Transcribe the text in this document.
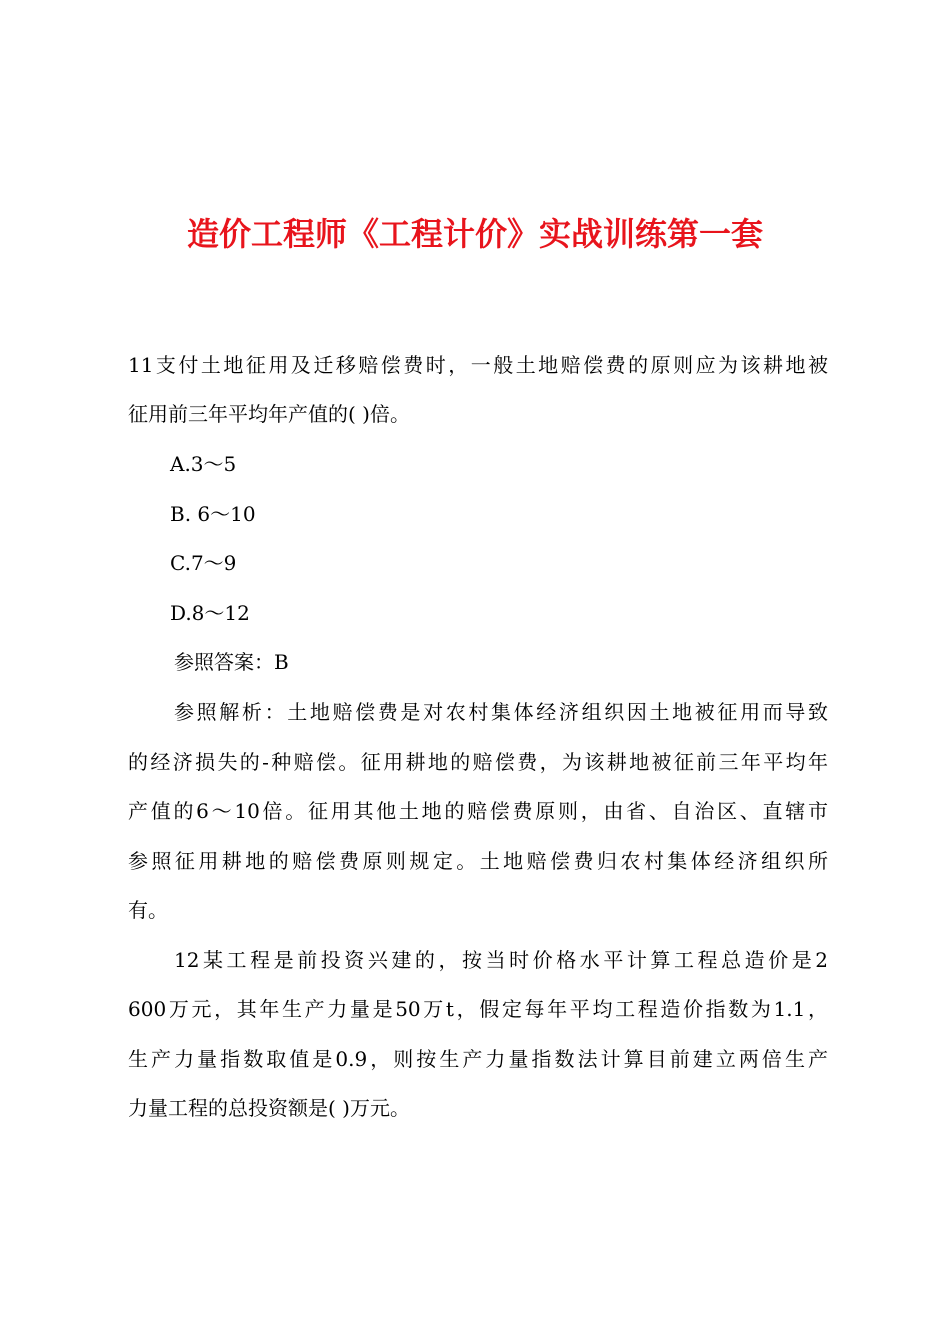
造价工程师《工程计价》实战训练第一套
11支付土地征用及迁移赔偿费时，一般土地赔偿费的原则应为该耕地被
征用前三年平均年产值的( )倍。
A.3～5
B. 6～10
C.7～9
D.8～12
参照答案：B
参照解析：土地赔偿费是对农村集体经济组织因土地被征用而导致
的经济损失的-种赔偿。征用耕地的赔偿费，为该耕地被征前三年平均年
产值的6～10倍。征用其他土地的赔偿费原则，由省、自治区、直辖市
参照征用耕地的赔偿费原则规定。土地赔偿费归农村集体经济组织所
有。
12某工程是前投资兴建的，按当时价格水平计算工程总造价是2
600万元，其年生产力量是50万t，假定每年平均工程造价指数为1.1，
生产力量指数取值是0.9，则按生产力量指数法计算目前建立两倍生产
力量工程的总投资额是( )万元。
